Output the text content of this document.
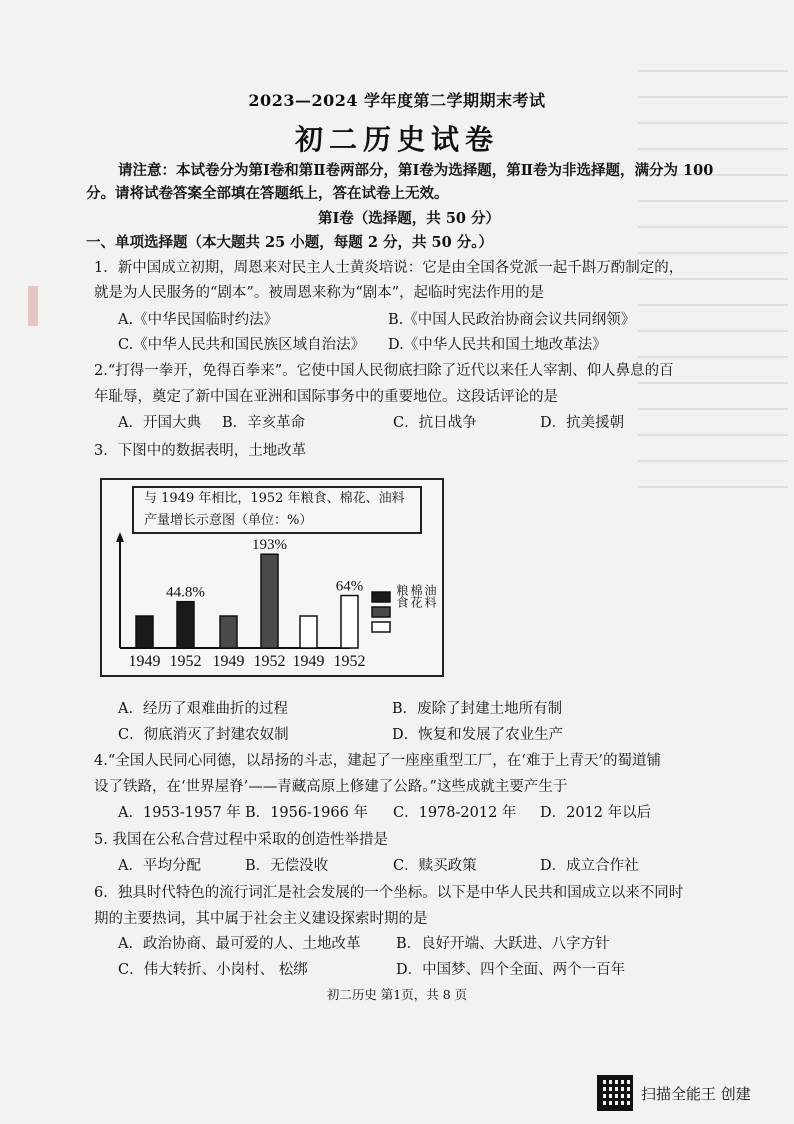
2023—2024 学年度第二学期期末考试
初二历史试卷
请注意：本试卷分为第Ⅰ卷和第Ⅱ卷两部分，第Ⅰ卷为选择题，第Ⅱ卷为非选择题，满分为 100
分。请将试卷答案全部填在答题纸上，答在试卷上无效。
第Ⅰ卷（选择题，共 50 分）
一、单项选择题（本大题共 25 小题，每题 2 分，共 50 分。）
1．新中国成立初期，周恩来对民主人士黄炎培说：它是由全国各党派一起千斟万酌制定的，
就是为人民服务的“剧本”。被周恩来称为“剧本”，起临时宪法作用的是
A.《中华民国临时约法》	B.《中国人民政治协商会议共同纲领》
C.《中华人民共和国民族区域自治法》 D.《中华人民共和国土地改革法》
2.“打得一拳开，免得百拳来”。它使中国人民彻底扫除了近代以来任人宰割、仰人鼻息的百
年耻辱，奠定了新中国在亚洲和国际事务中的重要地位。这段话评论的是
A．开国大典 B．辛亥革命	C．抗日战争	D．抗美援朝
3．下图中的数据表明，土地改革
与 1949 年相比，1952 年粮食、棉花、油料
产量增长示意图（单位：%）
44.8%
193%
64%
1949 1952 1949 1952 1949 1952
粮食 棉花 油料
A．经历了艰难曲折的过程	B．废除了封建土地所有制
C．彻底消灭了封建农奴制	D．恢复和发展了农业生产
4.“全国人民同心同德，以昂扬的斗志，建起了一座座重型工厂，在‘难于上青天’的蜀道铺
设了铁路，在‘世界屋脊’——青藏高原上修建了公路。”这些成就主要产生于
A．1953-1957 年 B．1956-1966 年 C．1978-2012 年 D．2012 年以后
5. 我国在公私合营过程中采取的创造性举措是
A．平均分配	B．无偿没收	C．赎买政策	D．成立合作社
6．独具时代特色的流行词汇是社会发展的一个坐标。以下是中华人民共和国成立以来不同时
期的主要热词，其中属于社会主义建设探索时期的是
A．政治协商、最可爱的人、土地改革 B．良好开端、大跃进、八字方针
C．伟大转折、小岗村、 松绑	D．中国梦、四个全面、两个一百年
初二历史 第1页，共 8 页
扫描全能王 创建
